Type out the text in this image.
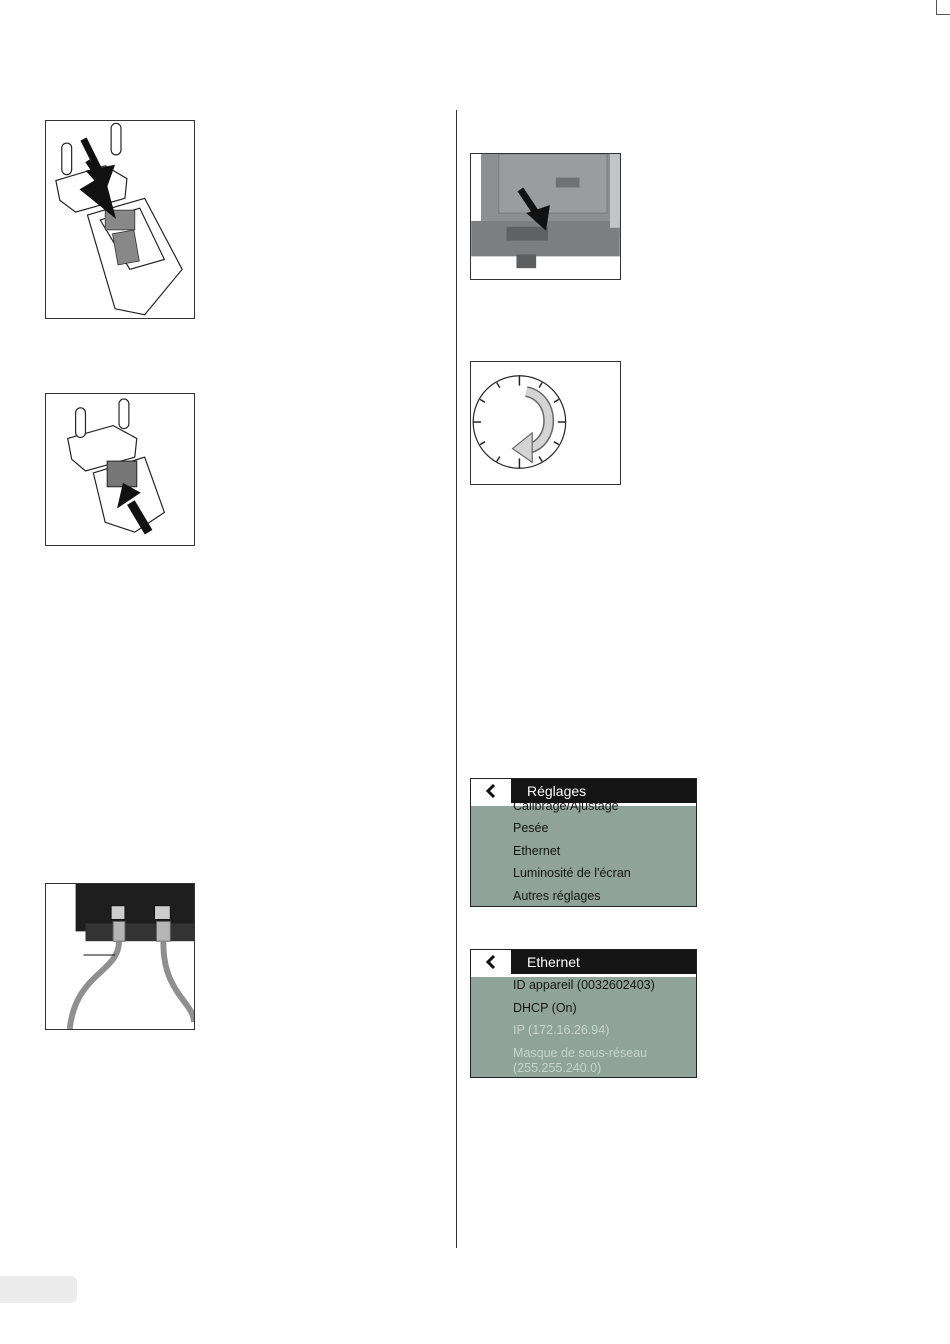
Réglages
Calibrage/Ajustage
Pesée
Ethernet
Luminosité de l'écran
Autres réglages
Ethernet
ID appareil (0032602403)
DHCP (On)
IP (172.16.26.94)
Masque de sous-réseau
(255.255.240.0)
